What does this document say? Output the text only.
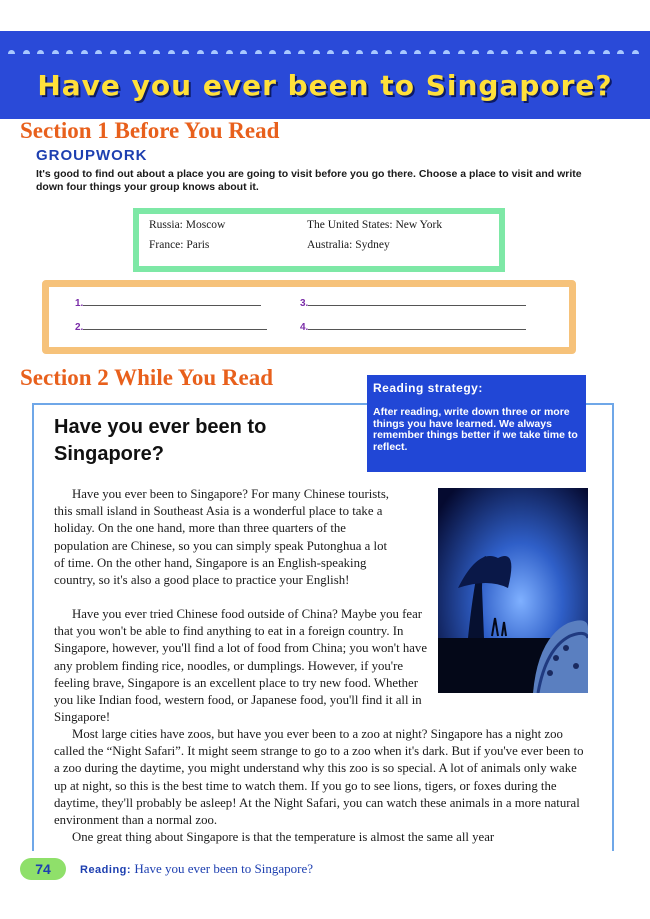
Have you ever been to Singapore?
Section 1 Before You Read
GROUPWORK
It's good to find out about a place you are going to visit before you go there. Choose a place to visit and write down four things your group knows about it.
Russia: Moscow	The United States: New York
France: Paris	Australia: Sydney
1.
2.
3.
4.
Section 2 While You Read	Reading strategy:
After reading, write down three or more things you have learned. We always remember things better if we take time to reflect.
Have you ever been to Singapore?

Have you ever been to Singapore? For many Chinese tourists, this small island in Southeast Asia is a wonderful place to take a holiday. On the one hand, more than three quarters of the population are Chinese, so you can simply speak Putonghua a lot of time. On the other hand, Singapore is an English-speaking country, so it's also a good place to practice your English!

Have you ever tried Chinese food outside of China? Maybe you fear that you won't be able to find anything to eat in a foreign country. In Singapore, however, you'll find a lot of food from China; you won't have any problem finding rice, noodles, or dumplings. However, if you're feeling brave, Singapore is an excellent place to try new food. Whether you like Indian food, western food, or Japanese food, you'll find it all in Singapore!

Most large cities have zoos, but have you ever been to a zoo at night? Singapore has a night zoo called the “Night Safari”. It might seem strange to go to a zoo when it's dark. But if you've ever been to a zoo during the daytime, you might understand why this zoo is so special. A lot of animals only wake up at night, so this is the best time to watch them. If you go to see lions, tigers, or foxes during the daytime, they'll probably be asleep! At the Night Safari, you can watch these animals in a more natural environment than a normal zoo.

One great thing about Singapore is that the temperature is almost the same all year

74	Reading: Have you ever been to Singapore?
